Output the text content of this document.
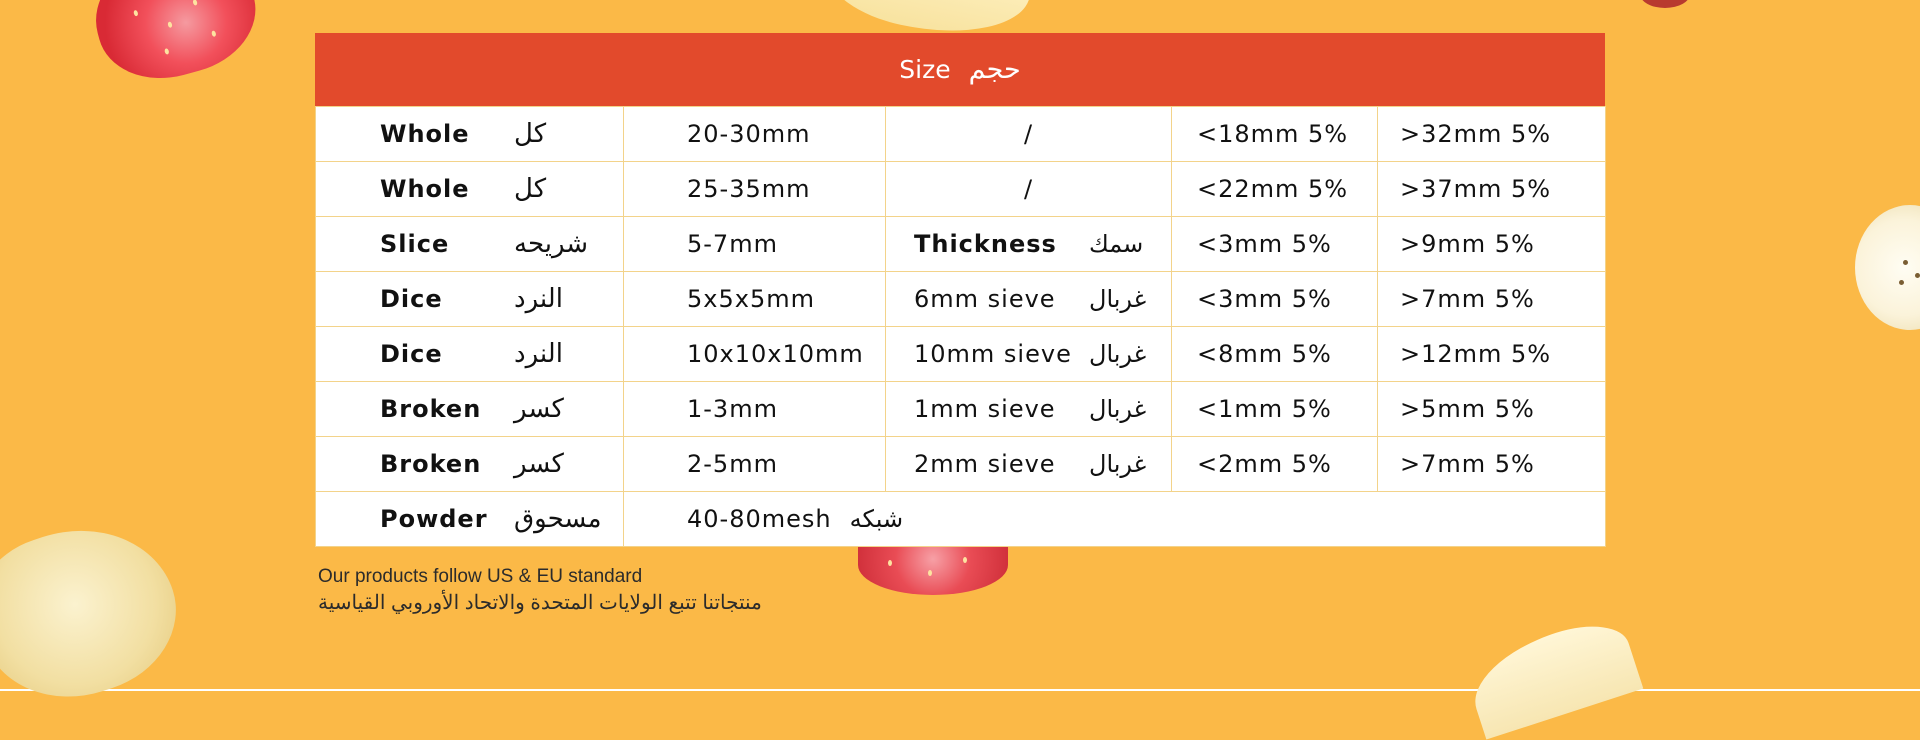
Size حجم
Whole كل	20-30mm	/	<18mm 5%	>32mm 5%
Whole كل	25-35mm	/	<22mm 5%	>37mm 5%
Slice شريحه	5-7mm	Thickness سمك	<3mm 5%	>9mm 5%
Dice النرد	5x5x5mm	6mm sieve غربال	<3mm 5%	>7mm 5%
Dice النرد	10x10x10mm	10mm sieve غربال	<8mm 5%	>12mm 5%
Broken كسر	1-3mm	1mm sieve غربال	<1mm 5%	>5mm 5%
Broken كسر	2-5mm	2mm sieve غربال	<2mm 5%	>7mm 5%
Powder مسحوق	40-80mesh شبكه			
Our products follow US & EU standard
منتجاتنا تتبع الولايات المتحدة والاتحاد الأوروبي القياسية
